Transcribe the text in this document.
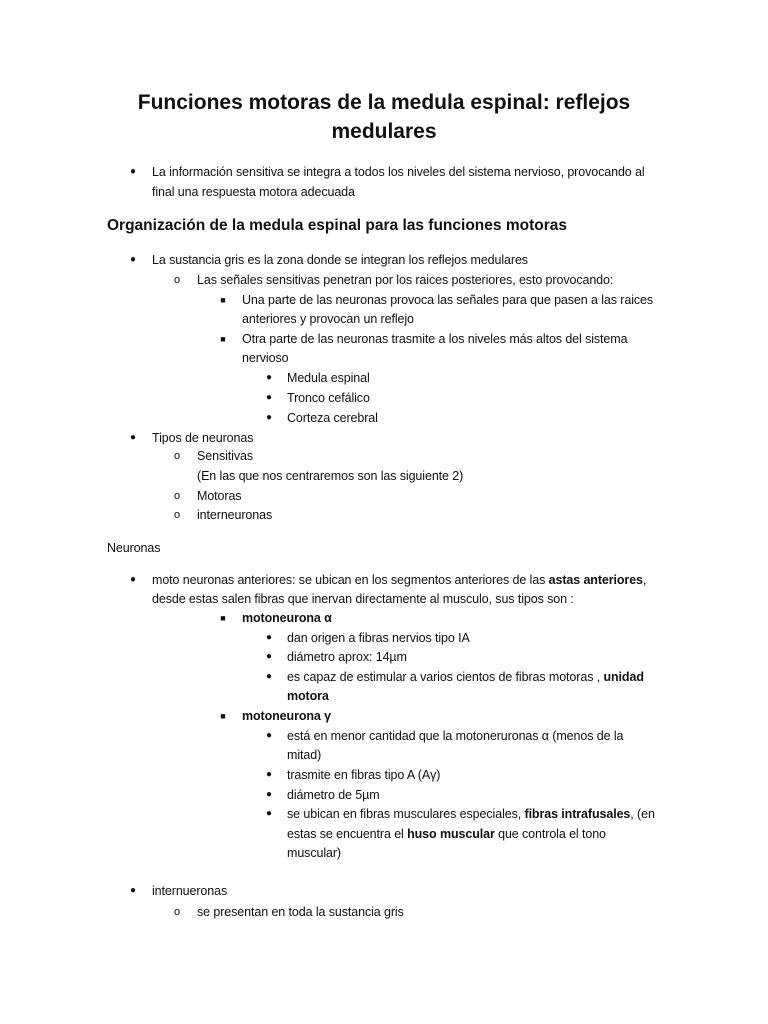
Funciones motoras de la medula espinal: reflejos
medulares
● La información sensitiva se integra a todos los niveles del sistema nervioso, provocando al
final una respuesta motora adecuada
Organización de la medula espinal para las funciones motoras
● La sustancia gris es la zona donde se integran los reflejos medulares
o Las señales sensitivas penetran por los raices posteriores, esto provocando:
■ Una parte de las neuronas provoca las señales para que pasen a las raices
anteriores y provocan un reflejo
■ Otra parte de las neuronas trasmite a los niveles más altos del sistema
nervioso
● Medula espinal
● Tronco cefálico
● Corteza cerebral
● Tipos de neuronas
o Sensitivas
(En las que nos centraremos son las siguiente 2)
o Motoras
o interneuronas
Neuronas
● moto neuronas anteriores: se ubican en los segmentos anteriores de las astas anteriores,
desde estas salen fibras que inervan directamente al musculo, sus tipos son :
■ motoneurona α
● dan origen a fibras nervios tipo IA
● diámetro aprox: 14µm
● es capaz de estimular a varios cientos de fibras motoras , unidad
motora
■ motoneurona γ
● está en menor cantidad que la motoneruronas α (menos de la
mitad)
● trasmite en fibras tipo A (Aγ)
● diámetro de 5µm
● se ubican en fibras musculares especiales, fibras intrafusales, (en
estas se encuentra el huso muscular que controla el tono
muscular)
● internueronas
o se presentan en toda la sustancia gris
